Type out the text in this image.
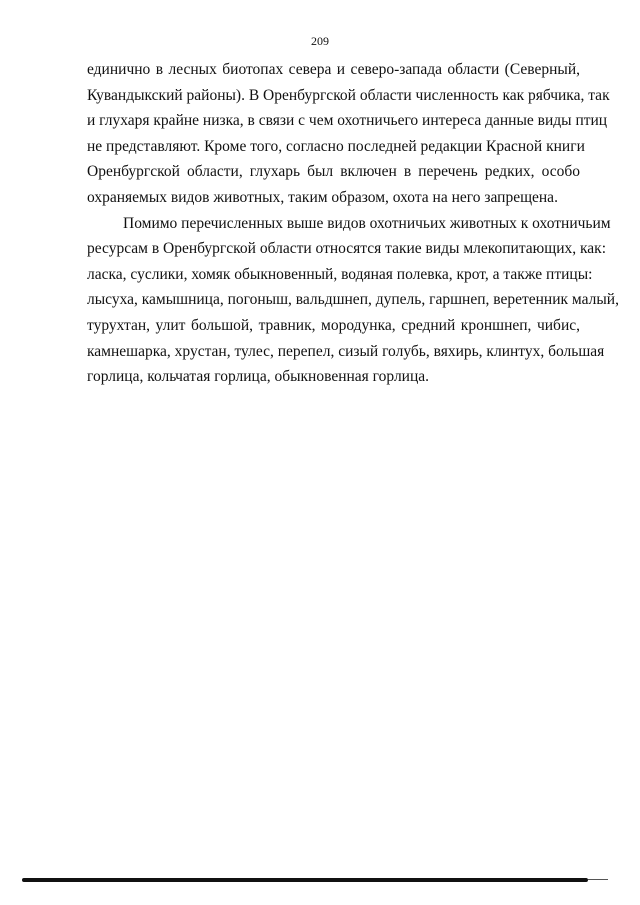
209
единично в лесных биотопах севера и северо-запада области (Северный,
Кувандыкский районы). В Оренбургской области численность как рябчика, так
и глухаря крайне низка, в связи с чем охотничьего интереса данные виды птиц
не представляют. Кроме того, согласно последней редакции Красной книги
Оренбургской области, глухарь был включен в перечень редких, особо
охраняемых видов животных, таким образом, охота на него запрещена.
Помимо перечисленных выше видов охотничьих животных к охотничьим
ресурсам в Оренбургской области относятся такие виды млекопитающих, как:
ласка, суслики, хомяк обыкновенный, водяная полевка, крот, а также птицы:
лысуха, камышница, погоныш, вальдшнеп, дупель, гаршнеп, веретенник малый,
турухтан, улит большой, травник, мородунка, средний кроншнеп, чибис,
камнешарка, хрустан, тулес, перепел, сизый голубь, вяхирь, клинтух, большая
горлица, кольчатая горлица, обыкновенная горлица.
